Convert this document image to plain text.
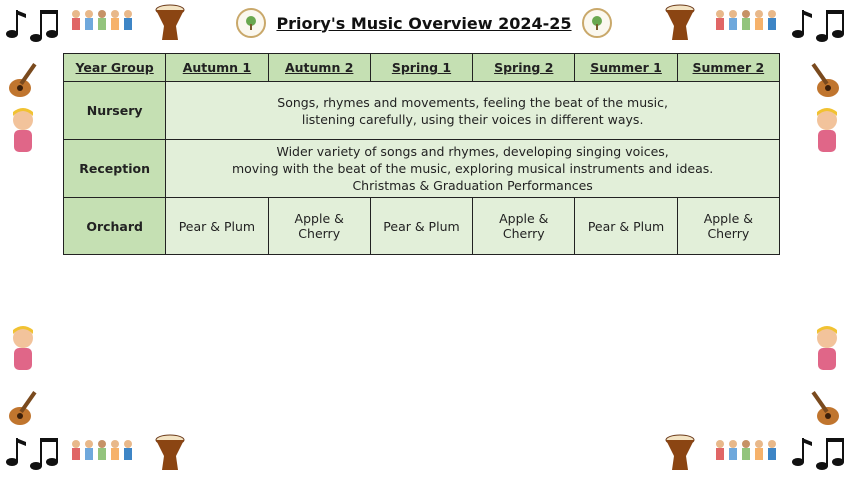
Priory's Music Overview 2024-25
Year Group	Autumn 1	Autumn 2	Spring 1	Spring 2	Summer 1	Summer 2
Nursery	Songs, rhymes and movements, feeling the beat of the music,
listening carefully, using their voices in different ways.					

Reception	Wider variety of songs and rhymes, developing singing voices,
moving with the beat of the music, exploring musical instruments and ideas.
Christmas & Graduation Performances					

Orchard	Pear & Plum	Apple & Cherry	Pear & Plum	Apple & Cherry	Pear & Plum	Apple & Cherry
